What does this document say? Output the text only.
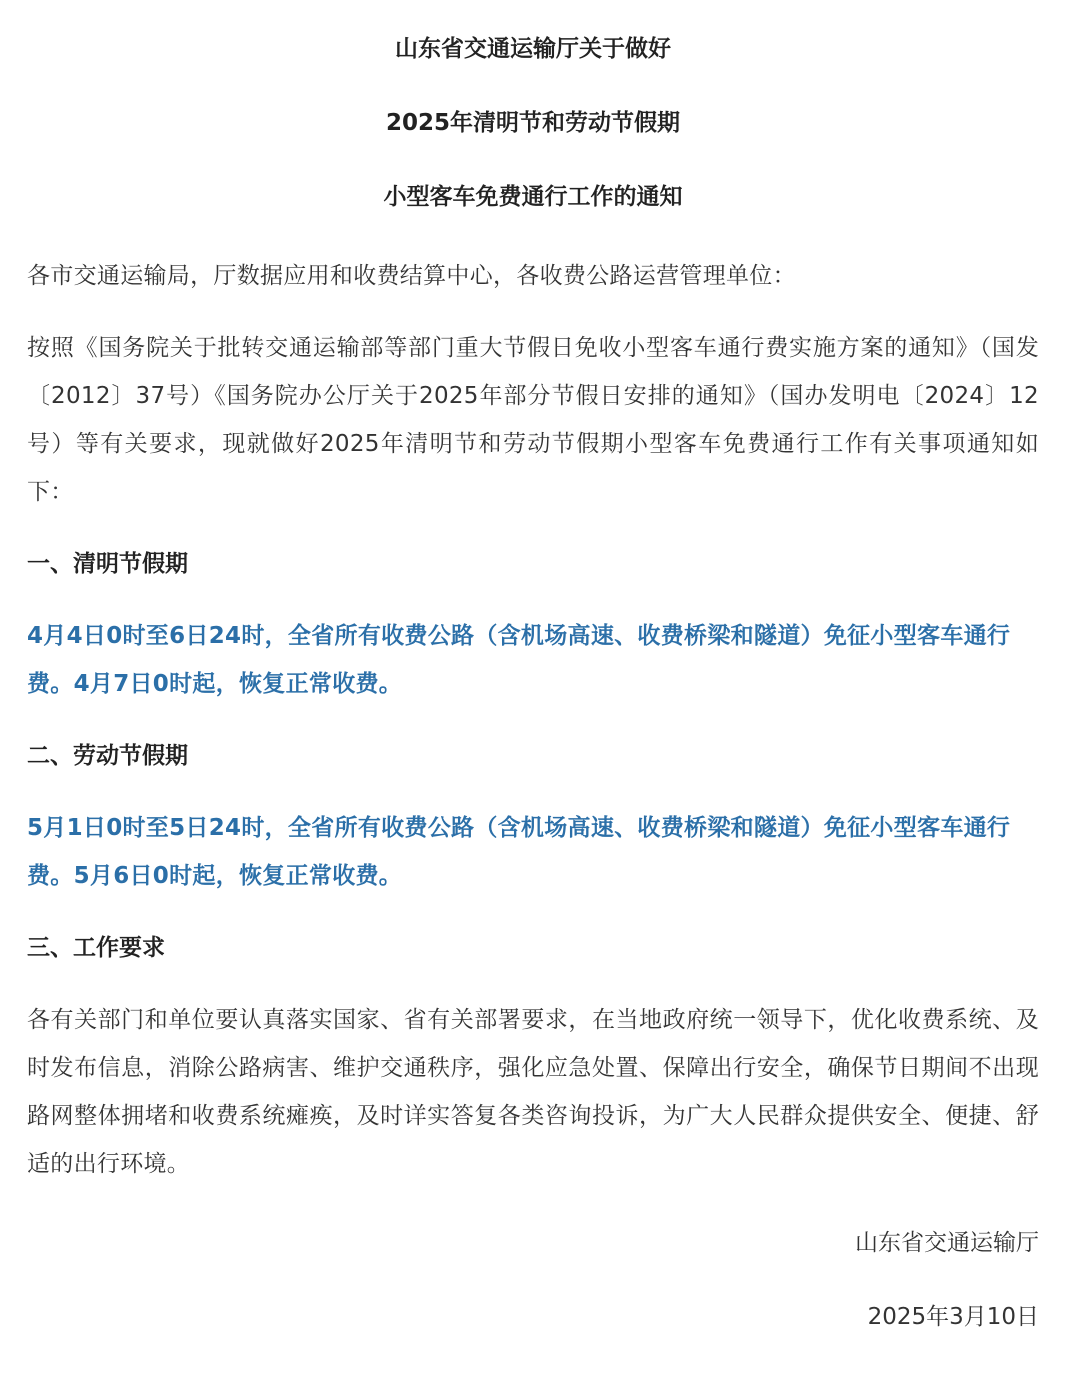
山东省交通运输厅关于做好

2025年清明节和劳动节假期

小型客车免费通行工作的通知

各市交通运输局，厅数据应用和收费结算中心，各收费公路运营管理单位：

按照《国务院关于批转交通运输部等部门重大节假日免收小型客车通行费实施方案的通知》（国发〔2012〕37号）《国务院办公厅关于2025年部分节假日安排的通知》（国办发明电〔2024〕12号）等有关要求，现就做好2025年清明节和劳动节假期小型客车免费通行工作有关事项通知如下：

一、清明节假期

4月4日0时至6日24时，全省所有收费公路（含机场高速、收费桥梁和隧道）免征小型客车通行费。4月7日0时起，恢复正常收费。

二、劳动节假期

5月1日0时至5日24时，全省所有收费公路（含机场高速、收费桥梁和隧道）免征小型客车通行费。5月6日0时起，恢复正常收费。

三、工作要求

各有关部门和单位要认真落实国家、省有关部署要求，在当地政府统一领导下，优化收费系统、及时发布信息，消除公路病害、维护交通秩序，强化应急处置、保障出行安全，确保节日期间不出现路网整体拥堵和收费系统瘫痪，及时详实答复各类咨询投诉，为广大人民群众提供安全、便捷、舒适的出行环境。

山东省交通运输厅

2025年3月10日
